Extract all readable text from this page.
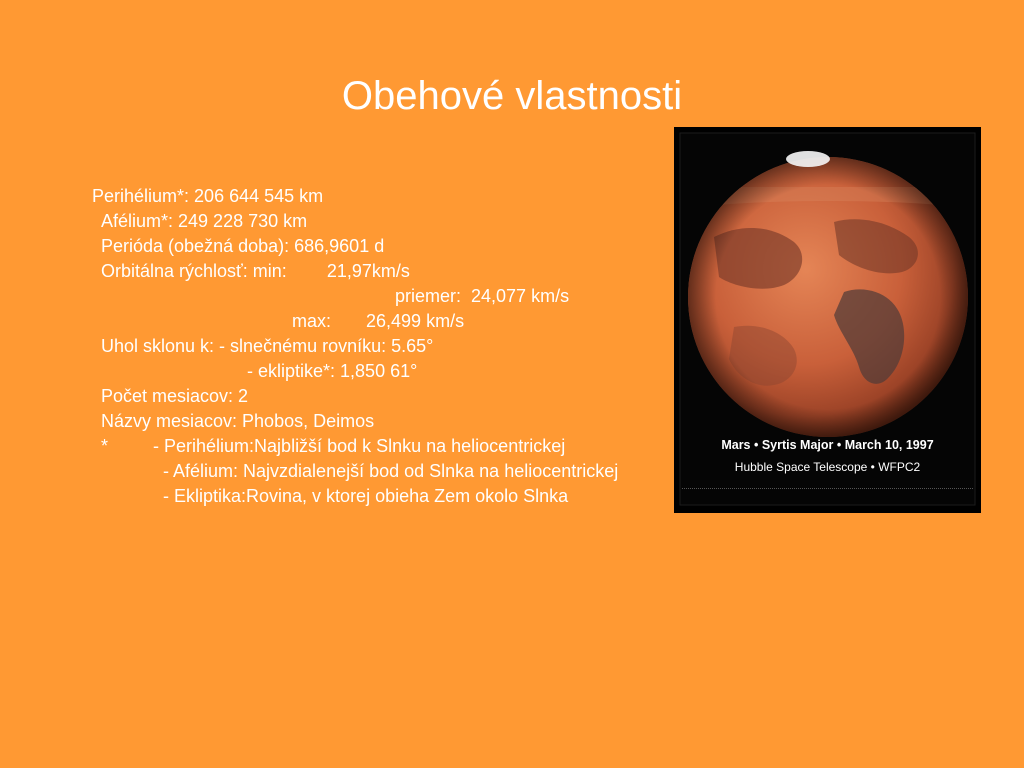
Obehové vlastnosti
Perihélium*: 206 644 545 km
Afélium*: 249 228 730 km
Perióda (obežná doba): 686,9601 d
Orbitálna rýchlosť: min:        21,97km/s
priemer:  24,077 km/s
max:       26,499 km/s
Uhol sklonu k: - slnečnému rovníku: 5.65°
- ekliptike*: 1,850 61°
Počet mesiacov: 2
Názvy mesiacov: Phobos, Deimos
*         - Perihélium:Najbližší bod k Slnku na heliocentrickej
- Afélium: Najvzdialenejší bod od Slnka na heliocentrickej
- Ekliptika:Rovina, v ktorej obieha Zem okolo Slnka
Mars • Syrtis Major • March 10, 1997
Hubble Space Telescope • WFPC2
